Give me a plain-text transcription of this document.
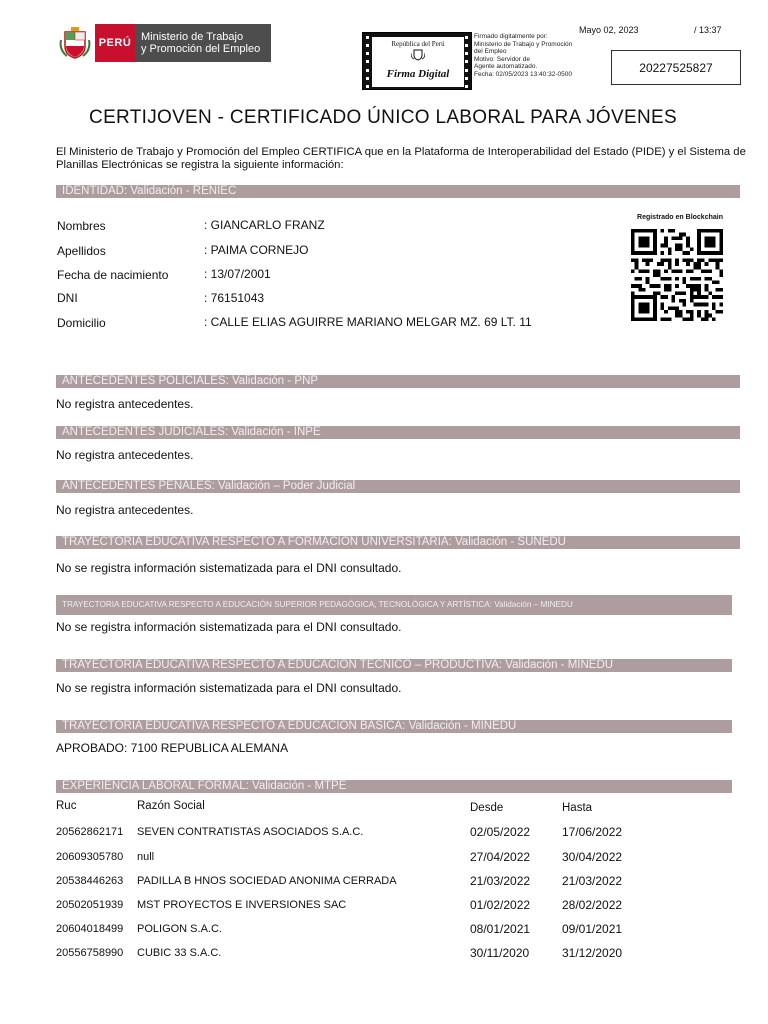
PERÚ Ministerio de Trabajo
y Promoción del Empleo	República del Perú
Firma Digital
Firmado digitalmente por:
Ministerio de Trabajo y Promoción
del Empleo
Motivo: Servidor de
Agente automatizado.
Fecha: 02/05/2023 13:40:32-0500
Mayo 02, 2023	/ 13:37
20227525827
CERTIJOVEN - CERTIFICADO ÚNICO LABORAL PARA JÓVENES
El Ministerio de Trabajo y Promoción del Empleo CERTIFICA que en la Plataforma de Interoperabilidad del Estado (PIDE) y el Sistema de Planillas Electrónicas se registra la siguiente información:
IDENTIDAD: Validación - RENIEC
Nombres	: GIANCARLO FRANZ
Apellidos	: PAIMA CORNEJO
Fecha de nacimiento	: 13/07/2001
DNI	: 76151043
Domicilio	: CALLE ELIAS AGUIRRE MARIANO MELGAR MZ. 69 LT. 11
Registrado en Blockchain
ANTECEDENTES POLICIALES: Validación - PNP
No registra antecedentes.
ANTECEDENTES JUDICIALES: Validación - INPE
No registra antecedentes.
ANTECEDENTES PENALES: Validación – Poder Judicial
No registra antecedentes.
TRAYECTORIA EDUCATIVA RESPECTO A FORMACIÓN UNIVERSITARIA: Validación - SUNEDU
No se registra información sistematizada para el DNI consultado.
TRAYECTORIA EDUCATIVA RESPECTO A EDUCACIÓN SUPERIOR PEDAGÓGICA, TECNOLÓGICA Y ARTÍSTICA: Validación – MINEDU
No se registra información sistematizada para el DNI consultado.
TRAYECTORIA EDUCATIVA RESPECTO A EDUCACIÓN TÉCNICO – PRODUCTIVA: Validación - MINEDU
No se registra información sistematizada para el DNI consultado.
TRAYECTORIA EDUCATIVA RESPECTO A EDUCACIÓN BÁSICA: Validación - MINEDU
APROBADO: 7100 REPUBLICA ALEMANA
EXPERIENCIA LABORAL FORMAL: Validación - MTPE
Ruc	Razón Social	Desde	Hasta
20562862171 SEVEN CONTRATISTAS ASOCIADOS S.A.C.	02/05/2022	17/06/2022
20609305780 null	27/04/2022	30/04/2022
20538446263 PADILLA B HNOS SOCIEDAD ANONIMA CERRADA	21/03/2022	21/03/2022
20502051939 MST PROYECTOS E INVERSIONES SAC	01/02/2022	28/02/2022
20604018499 POLIGON S.A.C.	08/01/2021	09/01/2021
20556758990 CUBIC 33 S.A.C.	30/11/2020	31/12/2020
